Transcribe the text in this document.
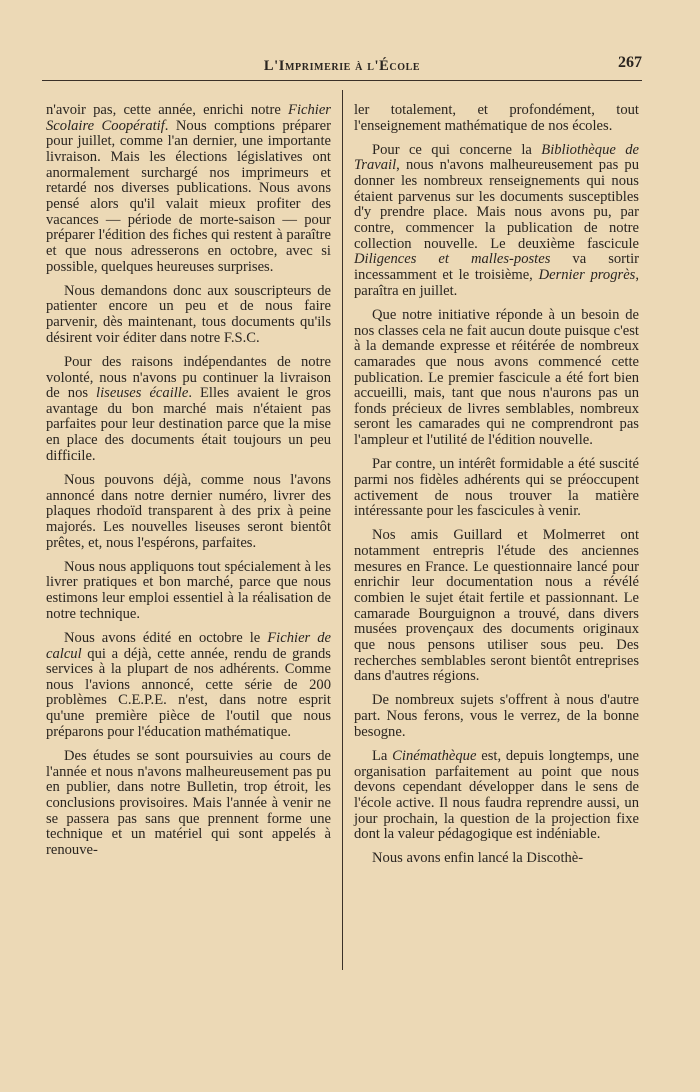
L'Imprimerie à l'École	267

n'avoir pas, cette année, enrichi notre Fichier Scolaire Coopératif. Nous comptions préparer pour juillet, comme l'an dernier, une importante livraison. Mais les élections législatives ont anormalement surchargé nos imprimeurs et retardé nos diverses publications. Nous avons pensé alors qu'il valait mieux profiter des vacances — période de morte-saison — pour préparer l'édition des fiches qui restent à paraître et que nous adresserons en octobre, avec si possible, quelques heureuses surprises.

Nous demandons donc aux souscripteurs de patienter encore un peu et de nous faire parvenir, dès maintenant, tous documents qu'ils désirent voir éditer dans notre F.S.C.

Pour des raisons indépendantes de notre volonté, nous n'avons pu continuer la livraison de nos liseuses écaille. Elles avaient le gros avantage du bon marché mais n'étaient pas parfaites pour leur destination parce que la mise en place des documents était toujours un peu difficile.

Nous pouvons déjà, comme nous l'avons annoncé dans notre dernier numéro, livrer des plaques rhodoïd transparent à des prix à peine majorés. Les nouvelles liseuses seront bientôt prêtes, et, nous l'espérons, parfaites.

Nous nous appliquons tout spécialement à les livrer pratiques et bon marché, parce que nous estimons leur emploi essentiel à la réalisation de notre technique.

Nous avons édité en octobre le Fichier de calcul qui a déjà, cette année, rendu de grands services à la plupart de nos adhérents. Comme nous l'avions annoncé, cette série de 200 problèmes C.E.P.E. n'est, dans notre esprit qu'une première pièce de l'outil que nous préparons pour l'éducation mathématique.

Des études se sont poursuivies au cours de l'année et nous n'avons malheureusement pas pu en publier, dans notre Bulletin, trop étroit, les conclusions provisoires. Mais l'année à venir ne se passera pas sans que prennent forme une technique et un matériel qui sont appelés à renouve-

ler totalement, et profondément, tout l'enseignement mathématique de nos écoles.

Pour ce qui concerne la Bibliothèque de Travail, nous n'avons malheureusement pas pu donner les nombreux renseignements qui nous étaient parvenus sur les documents susceptibles d'y prendre place. Mais nous avons pu, par contre, commencer la publication de notre collection nouvelle. Le deuxième fascicule Diligences et malles-postes va sortir incessamment et le troisième, Dernier progrès, paraîtra en juillet.

Que notre initiative réponde à un besoin de nos classes cela ne fait aucun doute puisque c'est à la demande expresse et réitérée de nombreux camarades que nous avons commencé cette publication. Le premier fascicule a été fort bien accueilli, mais, tant que nous n'aurons pas un fonds précieux de livres semblables, nombreux seront les camarades qui ne comprendront pas l'ampleur et l'utilité de l'édition nouvelle.

Par contre, un intérêt formidable a été suscité parmi nos fidèles adhérents qui se préoccupent activement de nous trouver la matière intéressante pour les fascicules à venir.

Nos amis Guillard et Molmerret ont notamment entrepris l'étude des anciennes mesures en France. Le questionnaire lancé pour enrichir leur documentation nous a révélé combien le sujet était fertile et passionnant. Le camarade Bourguignon a trouvé, dans divers musées provençaux des documents originaux que nous pensons utiliser sous peu. Des recherches semblables seront bientôt entreprises dans d'autres régions.

De nombreux sujets s'offrent à nous d'autre part. Nous ferons, vous le verrez, de la bonne besogne.

La Cinémathèque est, depuis longtemps, une organisation parfaitement au point que nous devons cependant développer dans le sens de l'école active. Il nous faudra reprendre aussi, un jour prochain, la question de la projection fixe dont la valeur pédagogique est indéniable.

Nous avons enfin lancé la Discothè-
